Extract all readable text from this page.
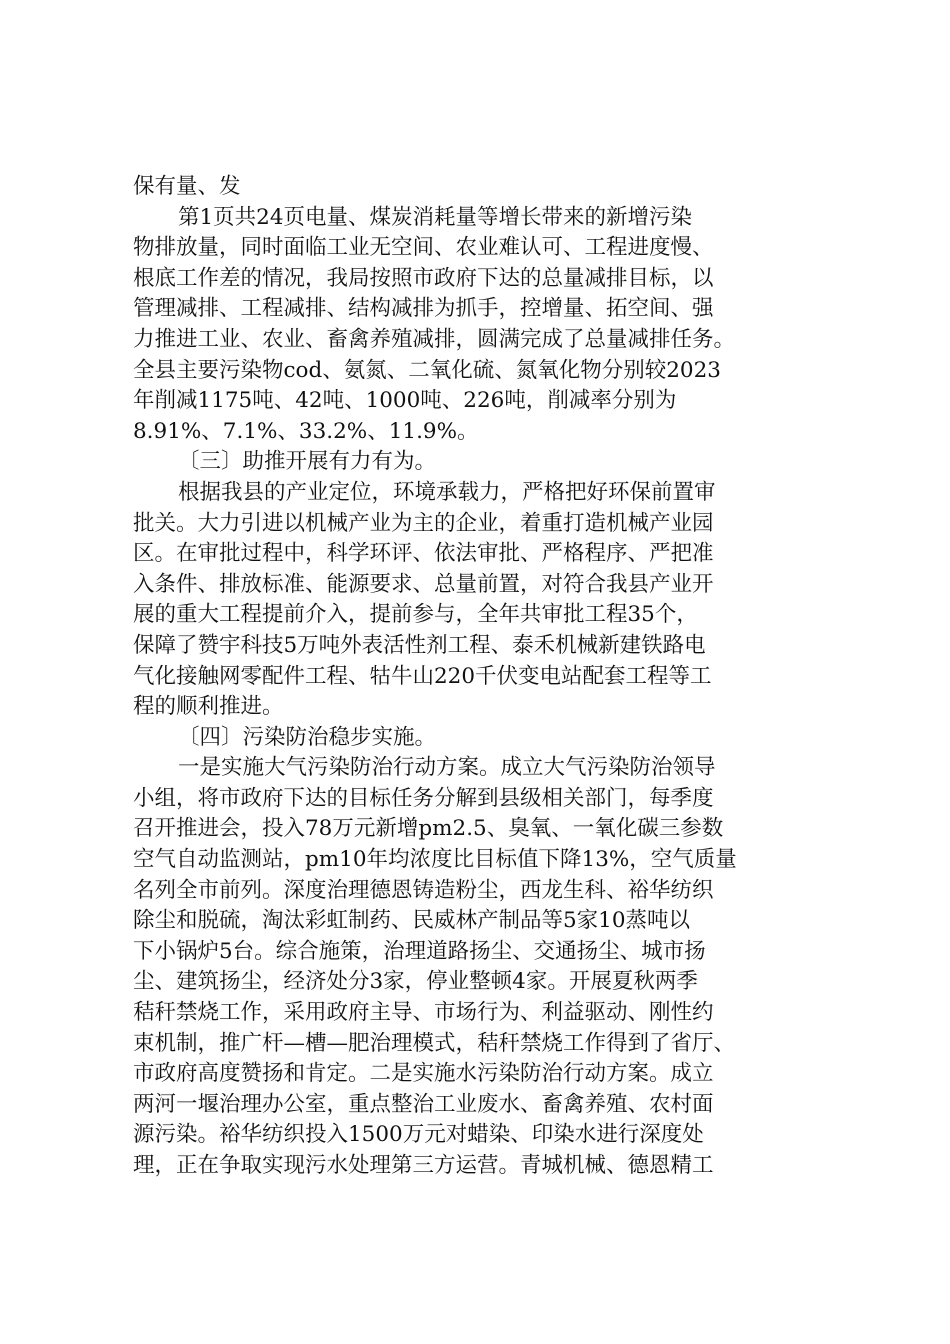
保有量、发
第1页共24页电量、煤炭消耗量等增长带来的新增污染
物排放量，同时面临工业无空间、农业难认可、工程进度慢、
根底工作差的情况，我局按照市政府下达的总量减排目标，以
管理减排、工程减排、结构减排为抓手，控增量、拓空间、强
力推进工业、农业、畜禽养殖减排，圆满完成了总量减排任务。
全县主要污染物cod、氨氮、二氧化硫、氮氧化物分别较2023
年削减1175吨、42吨、1000吨、226吨，削减率分别为
8.91%、7.1%、33.2%、11.9%。
〔三〕助推开展有力有为。
根据我县的产业定位，环境承载力，严格把好环保前置审
批关。大力引进以机械产业为主的企业，着重打造机械产业园
区。在审批过程中，科学环评、依法审批、严格程序、严把准
入条件、排放标准、能源要求、总量前置，对符合我县产业开
展的重大工程提前介入，提前参与，全年共审批工程35个，
保障了赞宇科技5万吨外表活性剂工程、泰禾机械新建铁路电
气化接触网零配件工程、牯牛山220千伏变电站配套工程等工
程的顺利推进。
〔四〕污染防治稳步实施。
一是实施大气污染防治行动方案。成立大气污染防治领导
小组，将市政府下达的目标任务分解到县级相关部门，每季度
召开推进会，投入78万元新增pm2.5、臭氧、一氧化碳三参数
空气自动监测站，pm10年均浓度比目标值下降13%，空气质量
名列全市前列。深度治理德恩铸造粉尘，西龙生科、裕华纺织
除尘和脱硫，淘汰彩虹制药、民威林产制品等5家10蒸吨以
下小锅炉5台。综合施策，治理道路扬尘、交通扬尘、城市扬
尘、建筑扬尘，经济处分3家，停业整顿4家。开展夏秋两季
秸秆禁烧工作，采用政府主导、市场行为、利益驱动、刚性约
束机制，推广杆—槽—肥治理模式，秸秆禁烧工作得到了省厅、
市政府高度赞扬和肯定。二是实施水污染防治行动方案。成立
两河一堰治理办公室，重点整治工业废水、畜禽养殖、农村面
源污染。裕华纺织投入1500万元对蜡染、印染水进行深度处
理，正在争取实现污水处理第三方运营。青城机械、德恩精工
